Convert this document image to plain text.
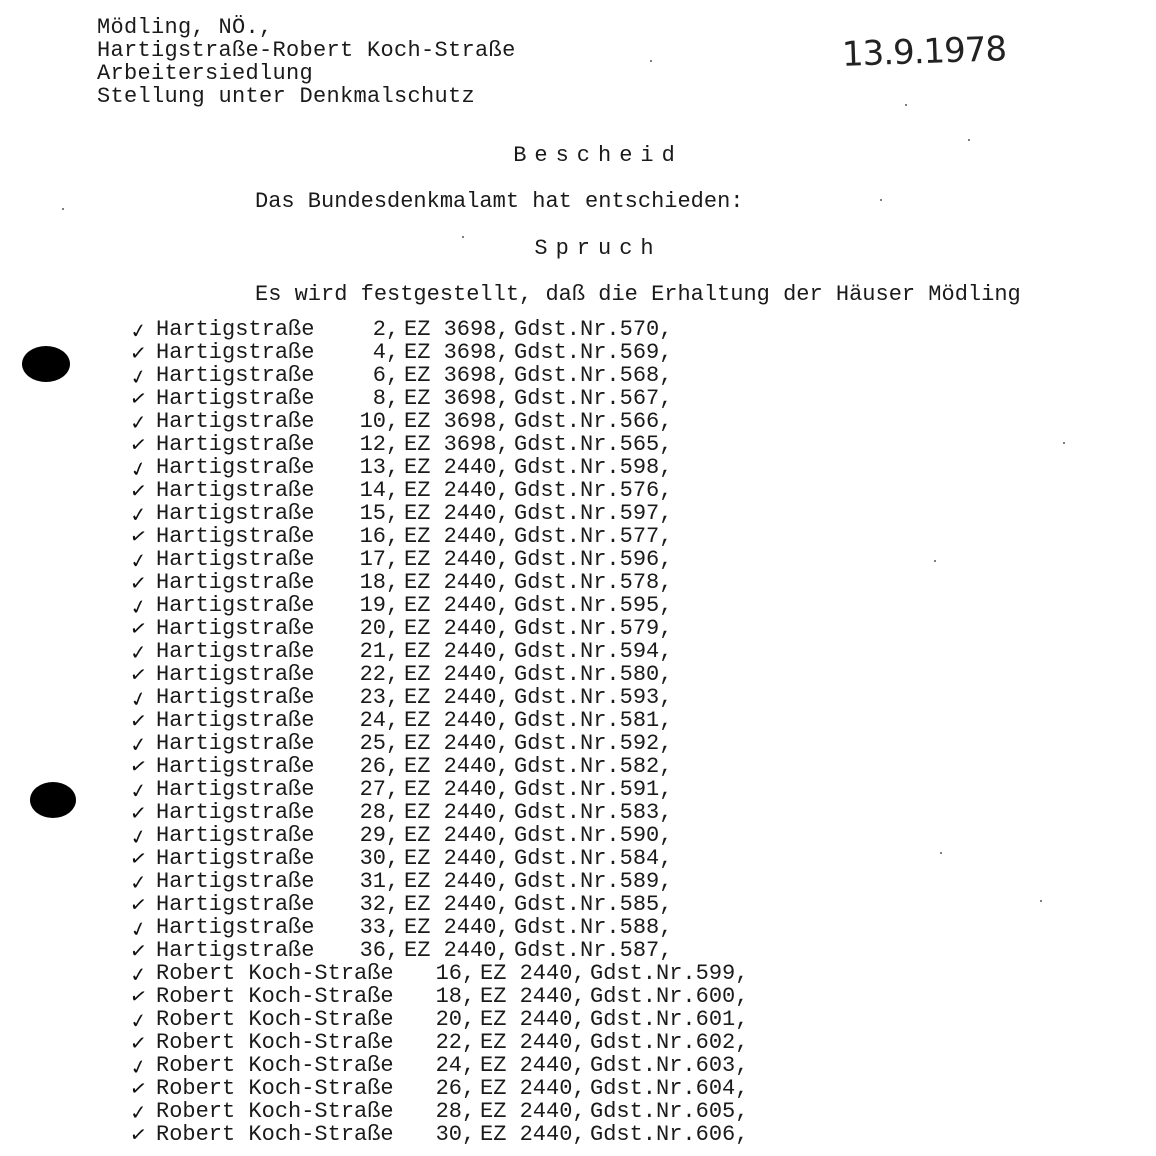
Mödling, NÖ.,
Hartigstraße-Robert Koch-Straße
Arbeitersiedlung
Stellung unter Denkmalschutz
13.9.1978
Bescheid
Das Bundesdenkmalamt hat entschieden:
Spruch
Es wird festgestellt, daß die Erhaltung der Häuser Mödling
✓ Hartigstraße	2, EZ 3698, Gdst.Nr.570,
✓ Hartigstraße	4, EZ 3698, Gdst.Nr.569,
✓ Hartigstraße	6, EZ 3698, Gdst.Nr.568,
✓ Hartigstraße	8, EZ 3698, Gdst.Nr.567,
✓ Hartigstraße 10, EZ 3698, Gdst.Nr.566,
✓ Hartigstraße 12, EZ 3698, Gdst.Nr.565,
✓ Hartigstraße 13, EZ 2440, Gdst.Nr.598,
✓ Hartigstraße 14, EZ 2440, Gdst.Nr.576,
✓ Hartigstraße 15, EZ 2440, Gdst.Nr.597,
✓ Hartigstraße 16, EZ 2440, Gdst.Nr.577,
✓ Hartigstraße 17, EZ 2440, Gdst.Nr.596,
✓ Hartigstraße 18, EZ 2440, Gdst.Nr.578,
✓ Hartigstraße 19, EZ 2440, Gdst.Nr.595,
✓ Hartigstraße 20, EZ 2440, Gdst.Nr.579,
✓ Hartigstraße 21, EZ 2440, Gdst.Nr.594,
✓ Hartigstraße 22, EZ 2440, Gdst.Nr.580,
✓ Hartigstraße 23, EZ 2440, Gdst.Nr.593,
✓ Hartigstraße 24, EZ 2440, Gdst.Nr.581,
✓ Hartigstraße 25, EZ 2440, Gdst.Nr.592,
✓ Hartigstraße 26, EZ 2440, Gdst.Nr.582,
✓ Hartigstraße 27, EZ 2440, Gdst.Nr.591,
✓ Hartigstraße 28, EZ 2440, Gdst.Nr.583,
✓ Hartigstraße 29, EZ 2440, Gdst.Nr.590,
✓ Hartigstraße 30, EZ 2440, Gdst.Nr.584,
✓ Hartigstraße 31, EZ 2440, Gdst.Nr.589,
✓ Hartigstraße 32, EZ 2440, Gdst.Nr.585,
✓ Hartigstraße 33, EZ 2440, Gdst.Nr.588,
✓ Hartigstraße 36, EZ 2440, Gdst.Nr.587,
✓ Robert Koch-Straße 16, EZ 2440, Gdst.Nr.599,
✓ Robert Koch-Straße 18, EZ 2440, Gdst.Nr.600,
✓ Robert Koch-Straße 20, EZ 2440, Gdst.Nr.601,
✓ Robert Koch-Straße 22, EZ 2440, Gdst.Nr.602,
✓ Robert Koch-Straße 24, EZ 2440, Gdst.Nr.603,
✓ Robert Koch-Straße 26, EZ 2440, Gdst.Nr.604,
✓ Robert Koch-Straße 28, EZ 2440, Gdst.Nr.605,
✓ Robert Koch-Straße 30, EZ 2440, Gdst.Nr.606,
